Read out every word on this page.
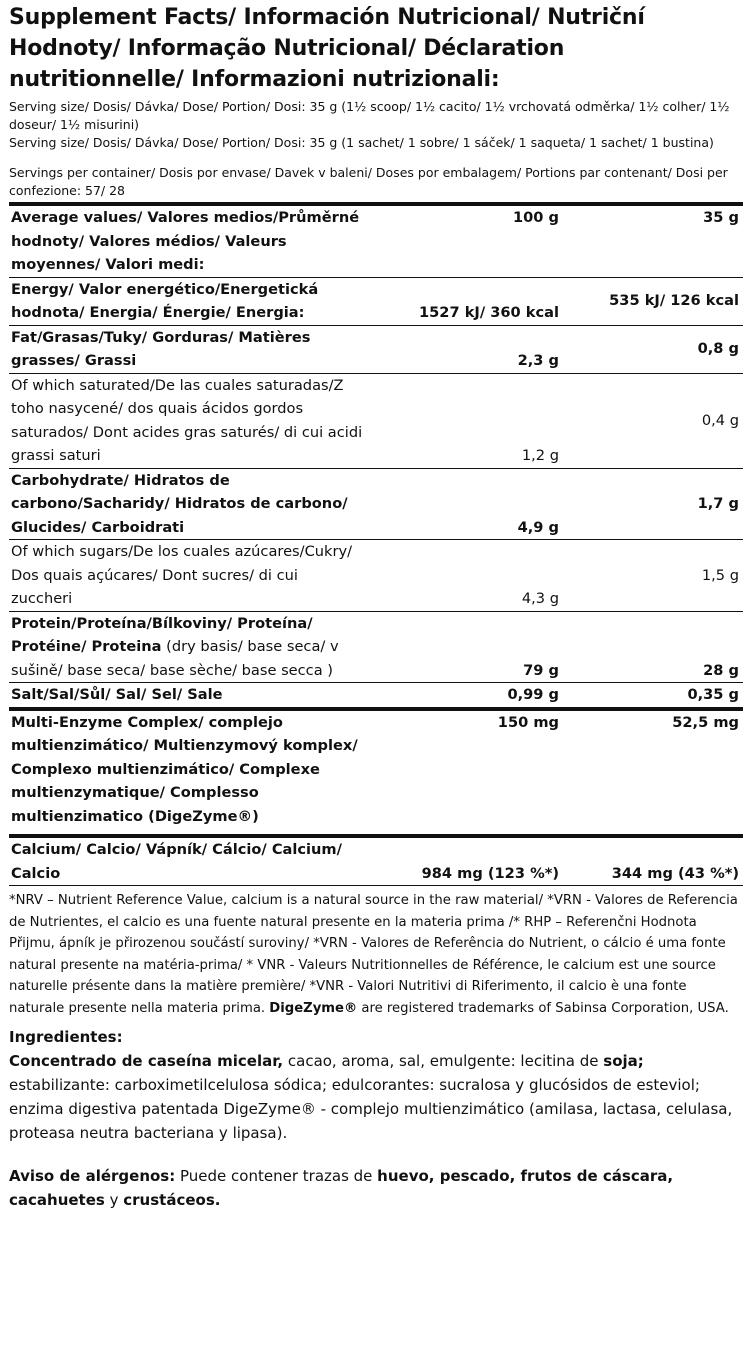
Supplement Facts/ Información Nutricional/ Nutriční Hodnoty/ Informação Nutricional/ Déclaration nutritionnelle/ Informazioni nutrizionali:
Serving size/ Dosis/ Dávka/ Dose/ Portion/ Dosi: 35 g (1½ scoop/ 1½ cacito/ 1½ vrchovatá odměrka/ 1½ colher/ 1½ doseur/ 1½ misurini)
Serving size/ Dosis/ Dávka/ Dose/ Portion/ Dosi: 35 g (1 sachet/ 1 sobre/ 1 sáček/ 1 saqueta/ 1 sachet/ 1 bustina)
Servings per container/ Dosis por envase/ Davek v baleni/ Doses por embalagem/ Portions par contenant/ Dosi per confezione: 57/ 28
Average values/ Valores medios/Průměrné hodnoty/ Valores médios/ Valeurs moyennes/ Valori medi:	100 g	35 g
Energy/ Valor energético/Energetická hodnota/ Energia/ Énergie/ Energia:	1527 kJ/ 360 kcal	535 kJ/ 126 kcal
Fat/Grasas/Tuky/ Gorduras/ Matières grasses/ Grassi	2,3 g	0,8 g
Of which saturated/De las cuales saturadas/Z toho nasycené/ dos quais ácidos gordos saturados/ Dont acides gras saturés/ di cui acidi grassi saturi	1,2 g	0,4 g
Carbohydrate/ Hidratos de carbono/Sacharidy/ Hidratos de carbono/ Glucides/ Carboidrati	4,9 g	1,7 g
Of which sugars/De los cuales azúcares/Cukry/ Dos quais açúcares/ Dont sucres/ di cui zuccheri	4,3 g	1,5 g
Protein/Proteína/Bílkoviny/ Proteína/ Protéine/ Proteina (dry basis/ base seca/ v sušině/ base seca/ base sèche/ base secca )	79 g	28 g
Salt/Sal/Sůl/ Sal/ Sel/ Sale	0,99 g	0,35 g
Multi-Enzyme Complex/ complejo multienzimático/ Multienzymový komplex/ Complexo multienzimático/ Complexe multienzymatique/ Complesso multienzimatico (DigeZyme®)	150 mg	52,5 mg
Calcium/ Calcio/ Vápník/ Cálcio/ Calcium/ Calcio	984 mg (123 %*)	344 mg (43 %*)
*NRV – Nutrient Reference Value, calcium is a natural source in the raw material/ *VRN - Valores de Referencia de Nutrientes, el calcio es una fuente natural presente en la materia prima /* RHP – Referenčni Hodnota Přijmu, ápník je přirozenou součástí suroviny/ *VRN - Valores de Referência do Nutrient, o cálcio é uma fonte natural presente na matéria-prima/ * VNR - Valeurs Nutritionnelles de Référence, le calcium est une source naturelle présente dans la matière première/ *VNR - Valori Nutritivi di Riferimento, il calcio è una fonte naturale presente nella materia prima. DigeZyme® are registered trademarks of Sabinsa Corporation, USA.
Ingredientes:
Concentrado de caseína micelar, cacao, aroma, sal, emulgente: lecitina de soja; estabilizante: carboximetilcelulosa sódica; edulcorantes: sucralosa y glucósidos de esteviol; enzima digestiva patentada DigeZyme® - complejo multienzimático (amilasa, lactasa, celulasa, proteasa neutra bacteriana y lipasa).
Aviso de alérgenos: Puede contener trazas de huevo, pescado, frutos de cáscara, cacahuetes y crustáceos.
